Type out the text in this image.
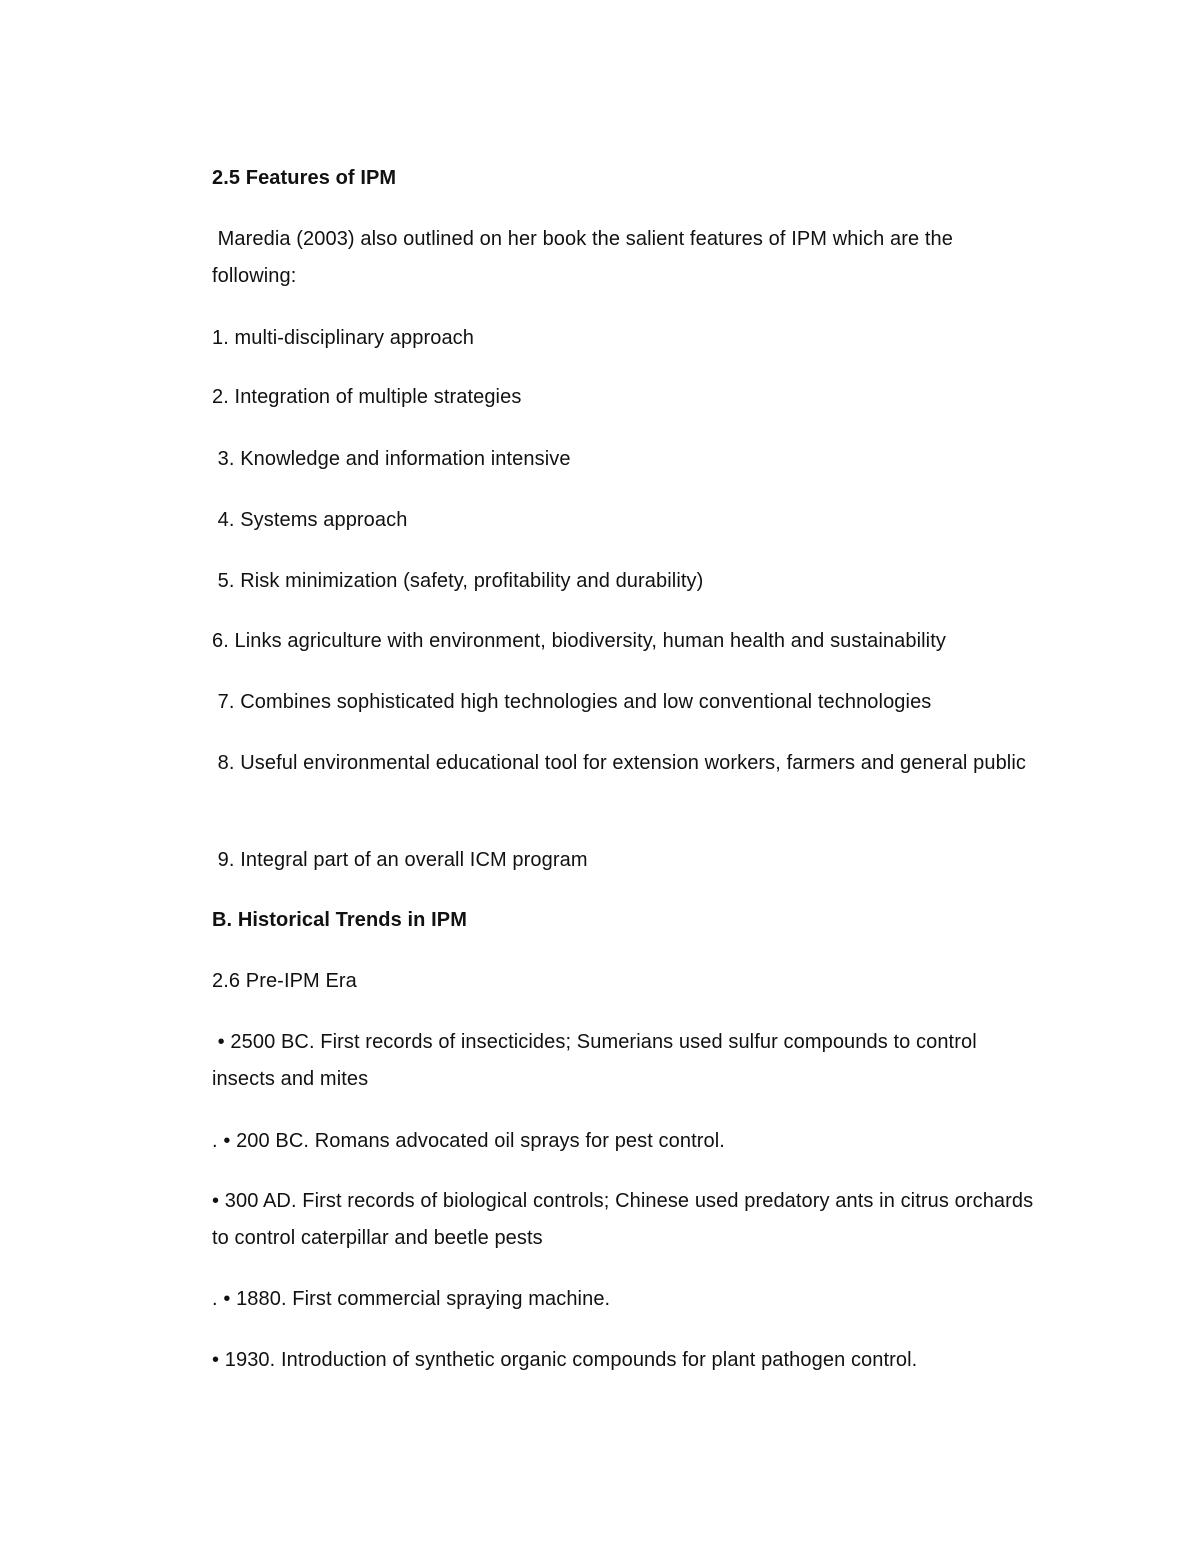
2.5 Features of IPM
Maredia (2003) also outlined on her book the salient features of IPM which are the following:
1. multi-disciplinary approach
2. Integration of multiple strategies
3. Knowledge and information intensive
4. Systems approach
5. Risk minimization (safety, profitability and durability)
6. Links agriculture with environment, biodiversity, human health and sustainability
7. Combines sophisticated high technologies and low conventional technologies
8. Useful environmental educational tool for extension workers, farmers and general public
9. Integral part of an overall ICM program
B. Historical Trends in IPM
2.6 Pre-IPM Era
• 2500 BC. First records of insecticides; Sumerians used sulfur compounds to control insects and mites
. • 200 BC. Romans advocated oil sprays for pest control.
• 300 AD. First records of biological controls; Chinese used predatory ants in citrus orchards to control caterpillar and beetle pests
. • 1880. First commercial spraying machine.
• 1930. Introduction of synthetic organic compounds for plant pathogen control.
